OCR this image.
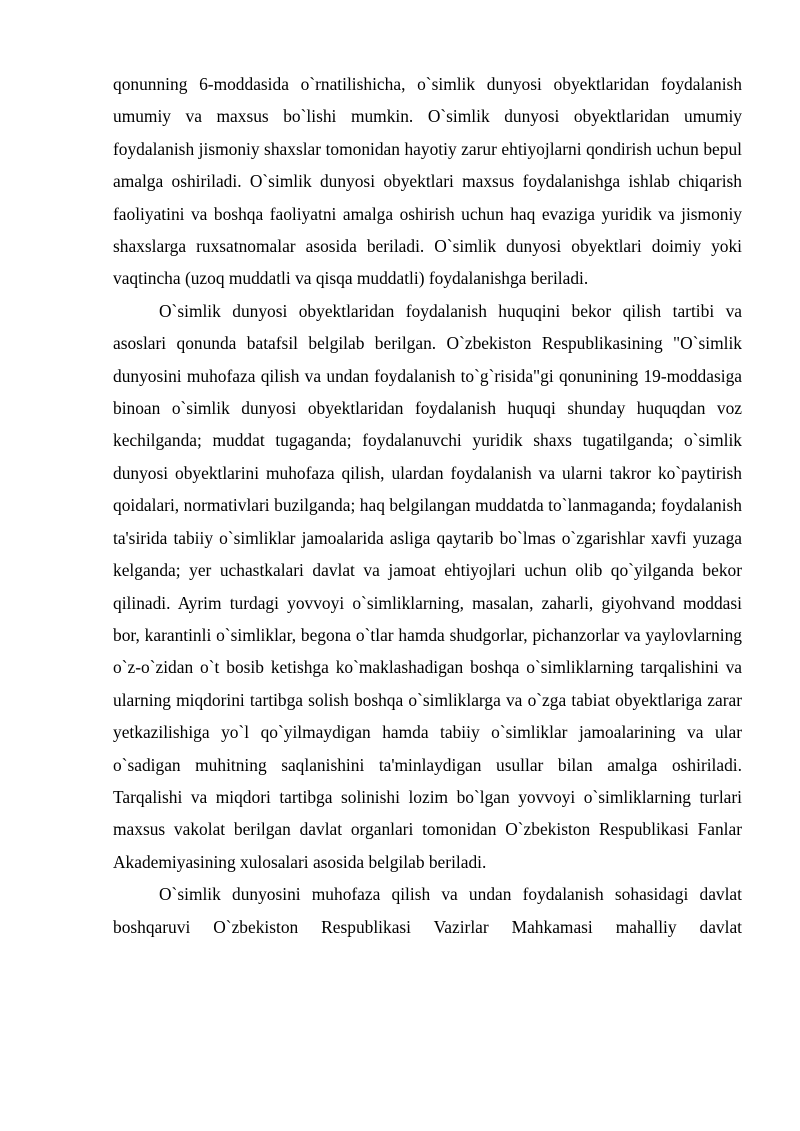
qonunning 6-moddasida o`rnatilishicha, o`simlik dunyosi obyektlaridan foydalanish umumiy va maxsus bo`lishi mumkin. O`simlik dunyosi obyektlaridan umumiy foydalanish jismoniy shaxslar tomonidan hayotiy zarur ehtiyojlarni qondirish uchun bepul amalga oshiriladi. O`simlik dunyosi obyektlari maxsus foydalanishga ishlab chiqarish faoliyatini va boshqa faoliyatni amalga oshirish uchun haq evaziga yuridik va jismoniy shaxslarga ruxsatnomalar asosida beriladi. O`simlik dunyosi obyektlari doimiy yoki vaqtincha (uzoq muddatli va qisqa muddatli) foydalanishga beriladi.

O`simlik dunyosi obyektlaridan foydalanish huquqini bekor qilish tartibi va asoslari qonunda batafsil belgilab berilgan. O`zbekiston Respublikasining "O`simlik dunyosini muhofaza qilish va undan foydalanish to`g`risida"gi qonunining 19-moddasiga binoan o`simlik dunyosi obyektlaridan foydalanish huquqi shunday huquqdan voz kechilganda; muddat tugaganda; foydalanuvchi yuridik shaxs tugatilganda; o`simlik dunyosi obyektlarini muhofaza qilish, ulardan foydalanish va ularni takror ko`paytirish qoidalari, normativlari buzilganda; haq belgilangan muddatda to`lanmaganda; foydalanish ta'sirida tabiiy o`simliklar jamoalarida asliga qaytarib bo`lmas o`zgarishlar xavfi yuzaga kelganda; yer uchastkalari davlat va jamoat ehtiyojlari uchun olib qo`yilganda bekor qilinadi. Ayrim turdagi yovvoyi o`simliklarning, masalan, zaharli, giyohvand moddasi bor, karantinli o`simliklar, begona o`tlar hamda shudgorlar, pichanzorlar va yaylovlarning o`z-o`zidan o`t bosib ketishga ko`maklashadigan boshqa o`simliklarning tarqalishini va ularning miqdorini tartibga solish boshqa o`simliklarga va o`zga tabiat obyektlariga zarar yetkazilishiga yo`l qo`yilmaydigan hamda tabiiy o`simliklar jamoalarining va ular o`sadigan muhitning saqlanishini ta'minlaydigan usullar bilan amalga oshiriladi. Tarqalishi va miqdori tartibga solinishi lozim bo`lgan yovvoyi o`simliklarning turlari maxsus vakolat berilgan davlat organlari tomonidan O`zbekiston Respublikasi Fanlar Akademiyasining xulosalari asosida belgilab beriladi.

O`simlik dunyosini muhofaza qilish va undan foydalanish sohasidagi davlat boshqaruvi O`zbekiston Respublikasi Vazirlar Mahkamasi mahalliy davlat
